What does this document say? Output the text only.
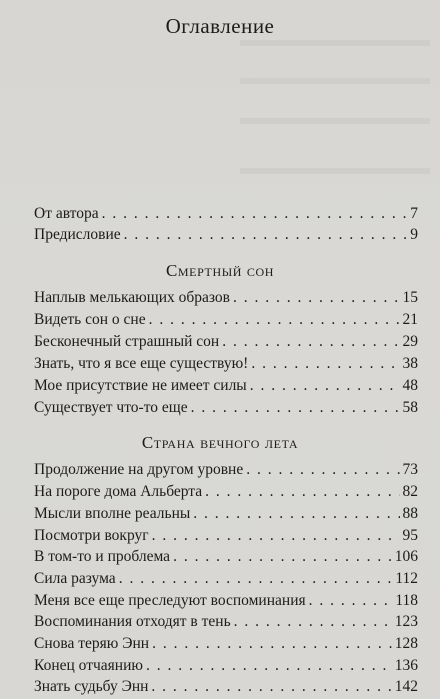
Оглавление
От автора . . .	7
Предисловие . . .	9
Смертный сон
Наплыв мелькающих образов . . .	15
Видеть сон о сне . . .	21
Бесконечный страшный сон . . .	29
Знать, что я все еще существую! . . .	38
Мое присутствие не имеет силы . . .	48
Существует что-то еще . . .	58
Страна вечного лета
Продолжение на другом уровне . . .	73
На пороге дома Альберта . . .	82
Мысли вполне реальны . . .	88
Посмотри вокруг . . .	95
В том-то и проблема . . .	106
Сила разума . . .	112
Меня все еще преследуют воспоминания . . .	118
Воспоминания отходят в тень . . .	123
Снова теряю Энн . . .	128
Конец отчаянию . . .	136
Знать судьбу Энн . . .	142
